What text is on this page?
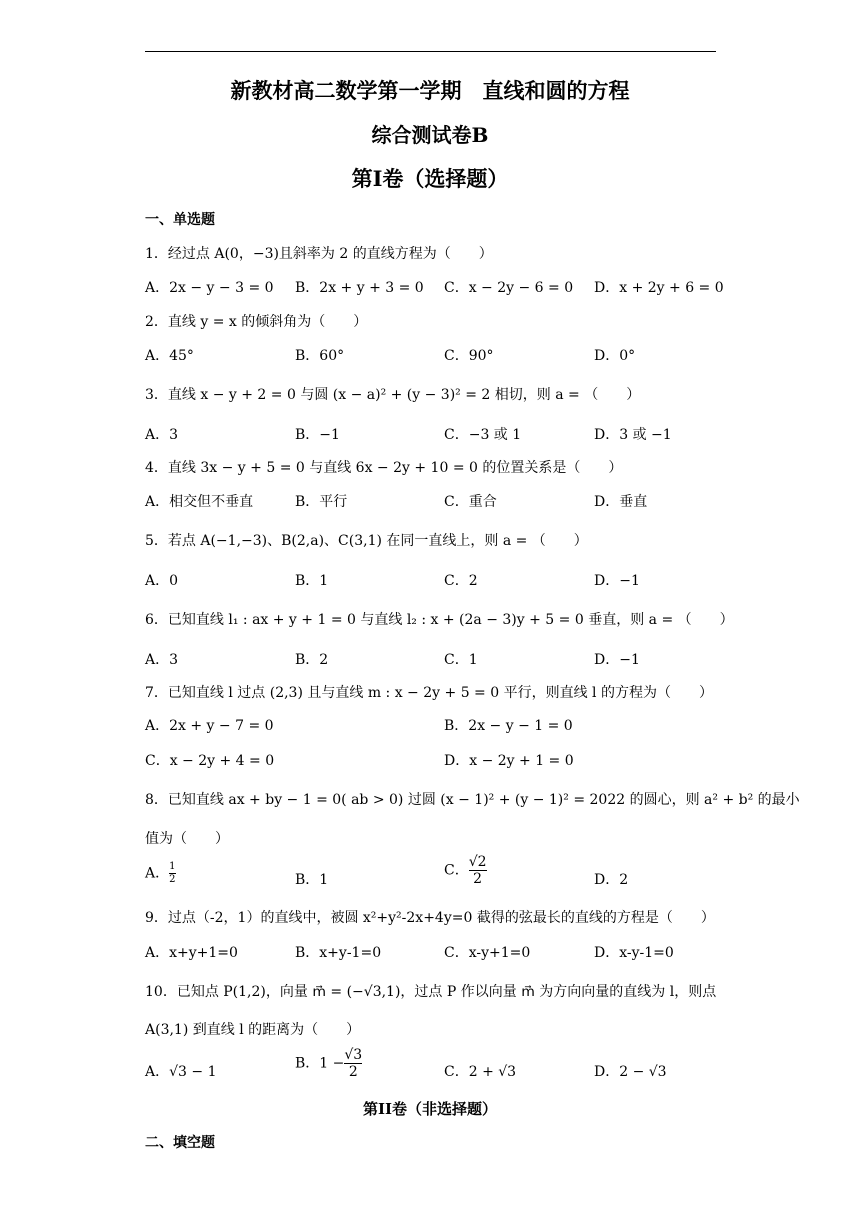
新教材高二数学第一学期　直线和圆的方程
综合测试卷B
第Ⅰ卷（选择题）
一、单选题
1．经过点 A(0，−3)且斜率为 2 的直线方程为（　　）
A．2x − y − 3 = 0 B．2x + y + 3 = 0 C．x − 2y − 6 = 0 D．x + 2y + 6 = 0
2．直线 y = x 的倾斜角为（　　）
A．45°	B．60°	C．90°	D．0°
3．直线 x − y + 2 = 0 与圆 (x − a)² + (y − 3)² = 2 相切，则 a = （　　）
A．3	B．−1	C．−3 或 1	D．3 或 −1
4．直线 3x − y + 5 = 0 与直线 6x − 2y + 10 = 0 的位置关系是（　　）
A．相交但不垂直	B．平行	C．重合	D．垂直
5．若点 A(−1,−3)、B(2,a)、C(3,1) 在同一直线上，则 a = （　　）
A．0	B．1	C．2	D．−1
6．已知直线 l₁ : ax + y + 1 = 0 与直线 l₂ : x + (2a − 3)y + 5 = 0 垂直，则 a = （　　）
A．3	B．2	C．1	D．−1
7．已知直线 l 过点 (2,3) 且与直线 m : x − 2y + 5 = 0 平行，则直线 l 的方程为（　　）
A．2x + y − 7 = 0	B．2x − y − 1 = 0
C．x − 2y + 4 = 0	D．x − 2y + 1 = 0
8．已知直线 ax + by − 1 = 0( ab > 0) 过圆 (x − 1)² + (y − 1)² = 2022 的圆心，则 a² + b² 的最小
值为（　　）
A． $\frac{1}{2}$	B．1
C． $\frac{√2}{2}$	D．2
9．过点（-2，1）的直线中，被圆 x²+y²-2x+4y=0 截得的弦最长的直线的方程是（　　）
A．x+y+1=0	B．x+y-1=0	C．x-y+1=0	D．x-y-1=0
10．已知点 P(1,2)，向量 m⃗ = (−√3,1)，过点 P 作以向量 m⃗ 为方向向量的直线为 l，则点
A(3,1) 到直线 l 的距离为（　　）
A．√3 − 1
B．$1 - \frac{√3}{2}$	C．2 + √3	D．2 − √3
第II卷（非选择题）
二、填空题
